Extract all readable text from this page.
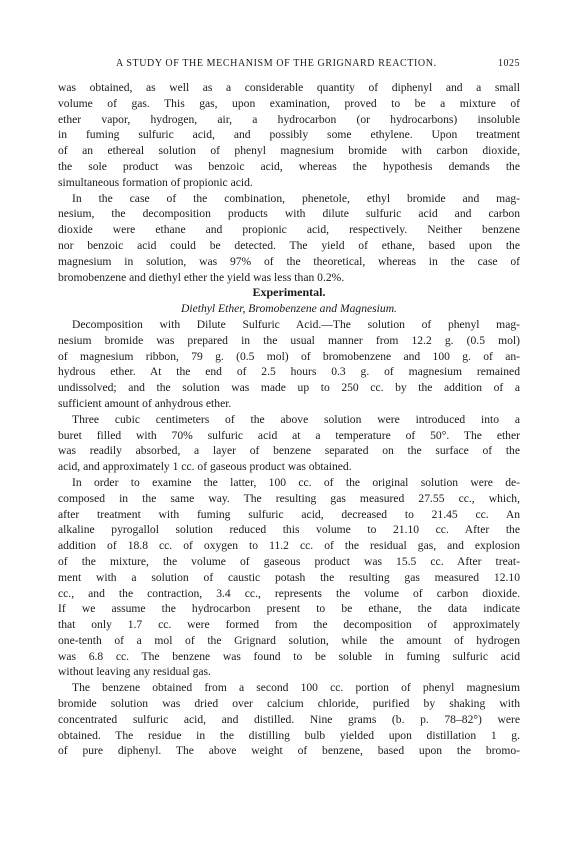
A STUDY OF THE MECHANISM OF THE GRIGNARD REACTION.	1025
was obtained, as well as a considerable quantity of diphenyl and a small
volume of gas. This gas, upon examination, proved to be a mixture of
ether vapor, hydrogen, air, a hydrocarbon (or hydrocarbons) insoluble
in fuming sulfuric acid, and possibly some ethylene. Upon treatment
of an ethereal solution of phenyl magnesium bromide with carbon dioxide,
the sole product was benzoic acid, whereas the hypothesis demands the
simultaneous formation of propionic acid.
In the case of the combination, phenetole, ethyl bromide and mag-
nesium, the decomposition products with dilute sulfuric acid and carbon
dioxide were ethane and propionic acid, respectively. Neither benzene
nor benzoic acid could be detected. The yield of ethane, based upon the
magnesium in solution, was 97% of the theoretical, whereas in the case of
bromobenzene and diethyl ether the yield was less than 0.2%.
Experimental.
Diethyl Ether, Bromobenzene and Magnesium.
Decomposition with Dilute Sulfuric Acid.—The solution of phenyl mag-
nesium bromide was prepared in the usual manner from 12.2 g. (0.5 mol)
of magnesium ribbon, 79 g. (0.5 mol) of bromobenzene and 100 g. of an-
hydrous ether. At the end of 2.5 hours 0.3 g. of magnesium remained
undissolved; and the solution was made up to 250 cc. by the addition of a
sufficient amount of anhydrous ether.
Three cubic centimeters of the above solution were introduced into a
buret filled with 70% sulfuric acid at a temperature of 50°. The ether
was readily absorbed, a layer of benzene separated on the surface of the
acid, and approximately 1 cc. of gaseous product was obtained.
In order to examine the latter, 100 cc. of the original solution were de-
composed in the same way. The resulting gas measured 27.55 cc., which,
after treatment with fuming sulfuric acid, decreased to 21.45 cc. An
alkaline pyrogallol solution reduced this volume to 21.10 cc. After the
addition of 18.8 cc. of oxygen to 11.2 cc. of the residual gas, and explosion
of the mixture, the volume of gaseous product was 15.5 cc. After treat-
ment with a solution of caustic potash the resulting gas measured 12.10
cc., and the contraction, 3.4 cc., represents the volume of carbon dioxide.
If we assume the hydrocarbon present to be ethane, the data indicate
that only 1.7 cc. were formed from the decomposition of approximately
one-tenth of a mol of the Grignard solution, while the amount of hydrogen
was 6.8 cc. The benzene was found to be soluble in fuming sulfuric acid
without leaving any residual gas.
The benzene obtained from a second 100 cc. portion of phenyl magnesium
bromide solution was dried over calcium chloride, purified by shaking with
concentrated sulfuric acid, and distilled. Nine grams (b. p. 78–82°) were
obtained. The residue in the distilling bulb yielded upon distillation 1 g.
of pure diphenyl. The above weight of benzene, based upon the bromo-
